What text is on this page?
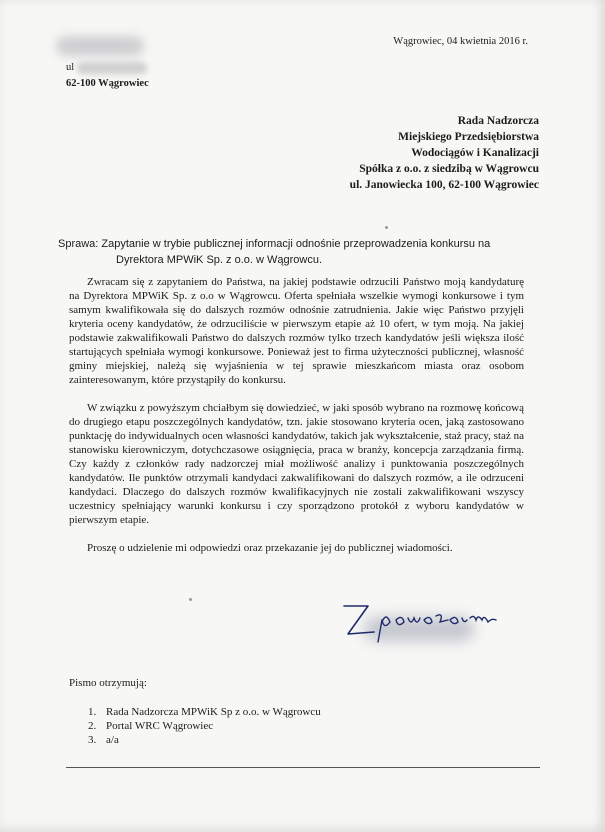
Wągrowiec, 04 kwietnia 2016 r.
ul
62-100 Wągrowiec
Rada Nadzorcza
Miejskiego Przedsiębiorstwa
Wodociągów i Kanalizacji
Spółka z o.o. z siedzibą w Wągrowcu
ul. Janowiecka 100, 62-100 Wągrowiec
Sprawa: Zapytanie w trybie publicznej informacji odnośnie przeprowadzenia konkursu na
Dyrektora MPWiK Sp. z o.o. w Wągrowcu.

Zwracam się z zapytaniem do Państwa, na jakiej podstawie odrzucili Państwo moją kandydaturę na Dyrektora MPWiK Sp. z o.o w Wągrowcu. Oferta spełniała wszelkie wymogi konkursowe i tym samym kwalifikowała się do dalszych rozmów odnośnie zatrudnienia. Jakie więc Państwo przyjęli kryteria oceny kandydatów, że odrzuciliście w pierwszym etapie aż 10 ofert, w tym moją. Na jakiej podstawie zakwalifikowali Państwo do dalszych rozmów tylko trzech kandydatów jeśli większa ilość startujących spełniała wymogi konkursowe. Ponieważ jest to firma użyteczności publicznej, własność gminy miejskiej, należą się wyjaśnienia w tej sprawie mieszkańcom miasta oraz osobom zainteresowanym, które przystąpiły do konkursu.

W związku z powyższym chciałbym się dowiedzieć, w jaki sposób wybrano na rozmowę końcową do drugiego etapu poszczególnych kandydatów, tzn. jakie stosowano kryteria ocen, jaką zastosowano punktację do indywidualnych ocen własności kandydatów, takich jak wykształcenie, staż pracy, staż na stanowisku kierowniczym, dotychczasowe osiągnięcia, praca w branży, koncepcja zarządzania firmą. Czy każdy z członków rady nadzorczej miał możliwość analizy i punktowania poszczególnych kandydatów. Ile punktów otrzymali kandydaci zakwalifikowani do dalszych rozmów, a ile odrzuceni kandydaci. Dlaczego do dalszych rozmów kwalifikacyjnych nie zostali zakwalifikowani wszyscy uczestnicy spełniający warunki konkursu i czy sporządzono protokół z wyboru kandydatów w pierwszym etapie.

Proszę o udzielenie mi odpowiedzi oraz przekazanie jej do publicznej wiadomości.

Pismo otrzymują:
1. Rada Nadzorcza MPWiK Sp z o.o. w Wągrowcu
2. Portal WRC Wągrowiec
3. a/a
